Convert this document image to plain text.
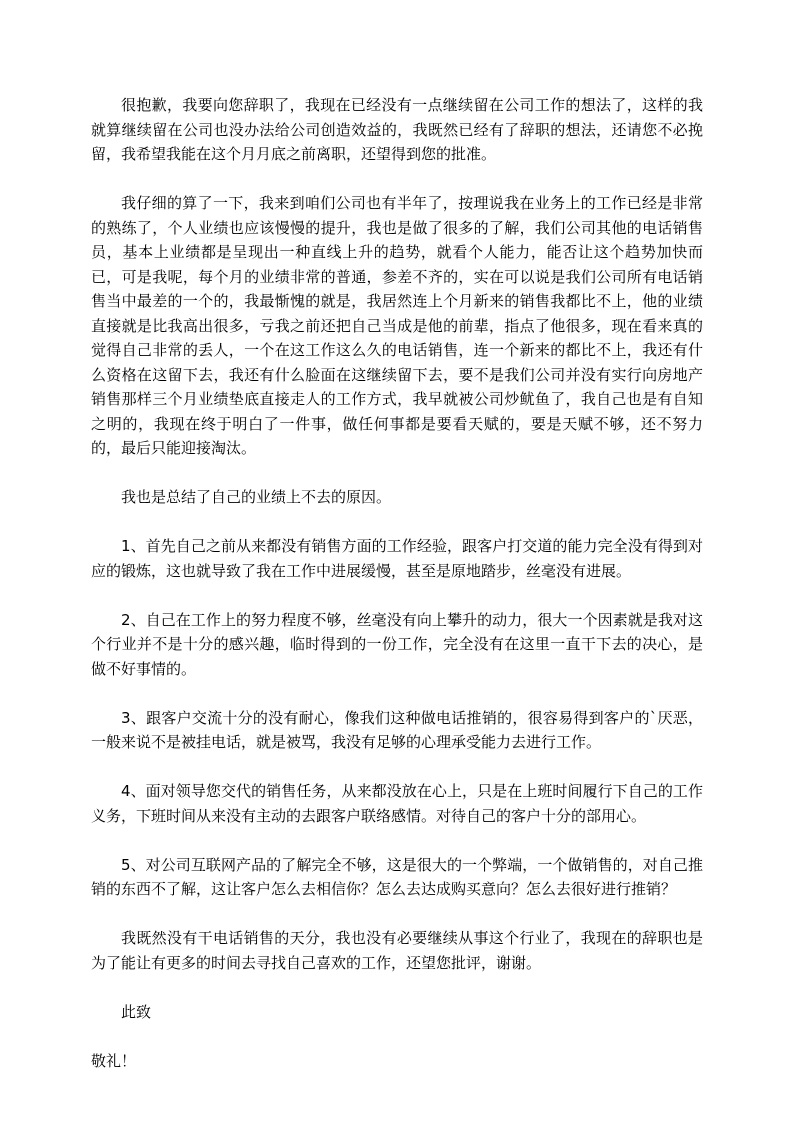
很抱歉，我要向您辞职了，我现在已经没有一点继续留在公司工作的想法了，这样的我就算继续留在公司也没办法给公司创造效益的，我既然已经有了辞职的想法，还请您不必挽留，我希望我能在这个月月底之前离职，还望得到您的批准。

我仔细的算了一下，我来到咱们公司也有半年了，按理说我在业务上的工作已经是非常的熟练了，个人业绩也应该慢慢的提升，我也是做了很多的了解，我们公司其他的电话销售员，基本上业绩都是呈现出一种直线上升的趋势，就看个人能力，能否让这个趋势加快而已，可是我呢，每个月的业绩非常的普通，参差不齐的，实在可以说是我们公司所有电话销售当中最差的一个的，我最惭愧的就是，我居然连上个月新来的销售我都比不上，他的业绩直接就是比我高出很多，亏我之前还把自己当成是他的前辈，指点了他很多，现在看来真的觉得自己非常的丢人，一个在这工作这么久的电话销售，连一个新来的都比不上，我还有什么资格在这留下去，我还有什么脸面在这继续留下去，要不是我们公司并没有实行向房地产销售那样三个月业绩垫底直接走人的工作方式，我早就被公司炒鱿鱼了，我自己也是有自知之明的，我现在终于明白了一件事，做任何事都是要看天赋的，要是天赋不够，还不努力的，最后只能迎接淘汰。

我也是总结了自己的业绩上不去的原因。

1、首先自己之前从来都没有销售方面的工作经验，跟客户打交道的能力完全没有得到对应的锻炼，这也就导致了我在工作中进展缓慢，甚至是原地踏步，丝毫没有进展。

2、自己在工作上的努力程度不够，丝毫没有向上攀升的动力，很大一个因素就是我对这个行业并不是十分的感兴趣，临时得到的一份工作，完全没有在这里一直干下去的决心，是做不好事情的。

3、跟客户交流十分的没有耐心，像我们这种做电话推销的，很容易得到客户的`厌恶，一般来说不是被挂电话，就是被骂，我没有足够的心理承受能力去进行工作。

4、面对领导您交代的销售任务，从来都没放在心上，只是在上班时间履行下自己的工作义务，下班时间从来没有主动的去跟客户联络感情。对待自己的客户十分的部用心。

5、对公司互联网产品的了解完全不够，这是很大的一个弊端，一个做销售的，对自己推销的东西不了解，这让客户怎么去相信你？怎么去达成购买意向？怎么去很好进行推销？

我既然没有干电话销售的天分，我也没有必要继续从事这个行业了，我现在的辞职也是为了能让有更多的时间去寻找自己喜欢的工作，还望您批评，谢谢。

此致

敬礼！
